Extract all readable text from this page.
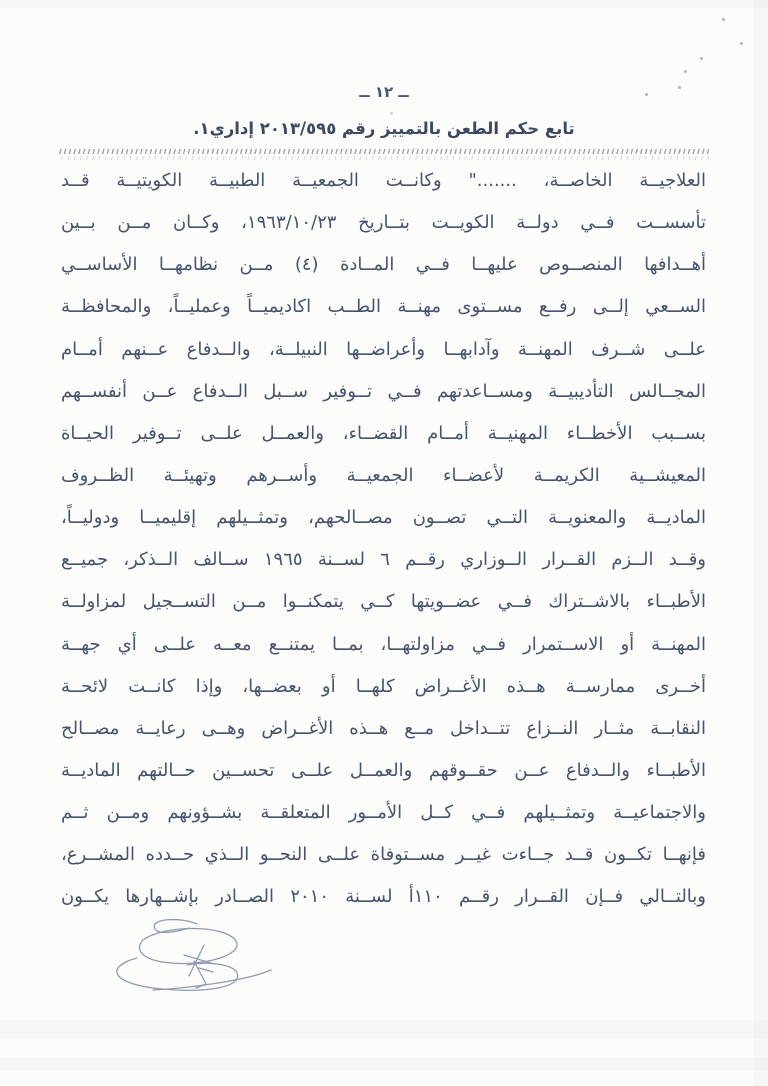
ــ ١٢ ــ
تابع حكم الطعن بالتمييز رقم ٢٠١٣/٥٩٥ إداري١.
العلاجيــة الخاصــة، ......." وكانــت الجمعيــة الطبيــة الكويتيــة قــد
تأسســت فــي دولــة الكويــت بتــاريخ ١٩٦٣/١٠/٢٣، وكــان مــن بــين
أهــدافها المنصــوص عليهــا فــي المــادة (٤) مــن نظامهــا الأساســي
الســعي إلــى رفــع مســتوى مهنــة الطــب اكاديميــاً وعمليــاً، والمحافظــة
علــى شــرف المهنــة وآدابهــا وأعراضــها النبيلــة، والــدفاع عــنهم أمــام
المجــالس التأديبيــة ومســاعدتهم فــي تــوفير ســبل الــدفاع عــن أنفســهم
بســبب الأخطــاء المهنيــة أمــام القضــاء، والعمــل علــى تــوفير الحيــاة
المعيشــية الكريمــة لأعضــاء الجمعيــة وأســرهم وتهيئــة الظــروف
الماديــة والمعنويــة التــي تصــون مصــالحهم، وتمثــيلهم إقليميــا ودوليــاً،
وقــد الــزم القــرار الــوزاري رقــم ٦ لســنة ١٩٦٥ ســالف الــذكر، جميــع
الأطبــاء بالاشــتراك فــي عضــويتها كــي يتمكنــوا مــن التســجيل لمزاولــة
المهنــة أو الاســتمرار فــي مزاولتهــا، بمــا يمتنــع معــه علــى أي جهــة
أخــرى ممارســة هــذه الأغــراض كلهــا أو بعضــها، وإذا كانــت لائحــة
النقابــة مثــار النــزاع تتــداخل مــع هــذه الأغــراض وهــى رعايــة مصــالح
الأطبــاء والــدفاع عــن حقــوقهم والعمــل علــى تحســين حــالتهم الماديــة
والاجتماعيــة وتمثــيلهم فــي كــل الأمــور المتعلقــة بشــؤونهم ومــن ثــم
فإنهــا تكــون قــد جــاءت غيــر مســتوفاة علــى النحــو الــذي حــدده المشــرع،
وبالتــالي فــإن القــرار رقــم ١١٠أ لســنة ٢٠١٠ الصــادر بإشــهارها يكــون
